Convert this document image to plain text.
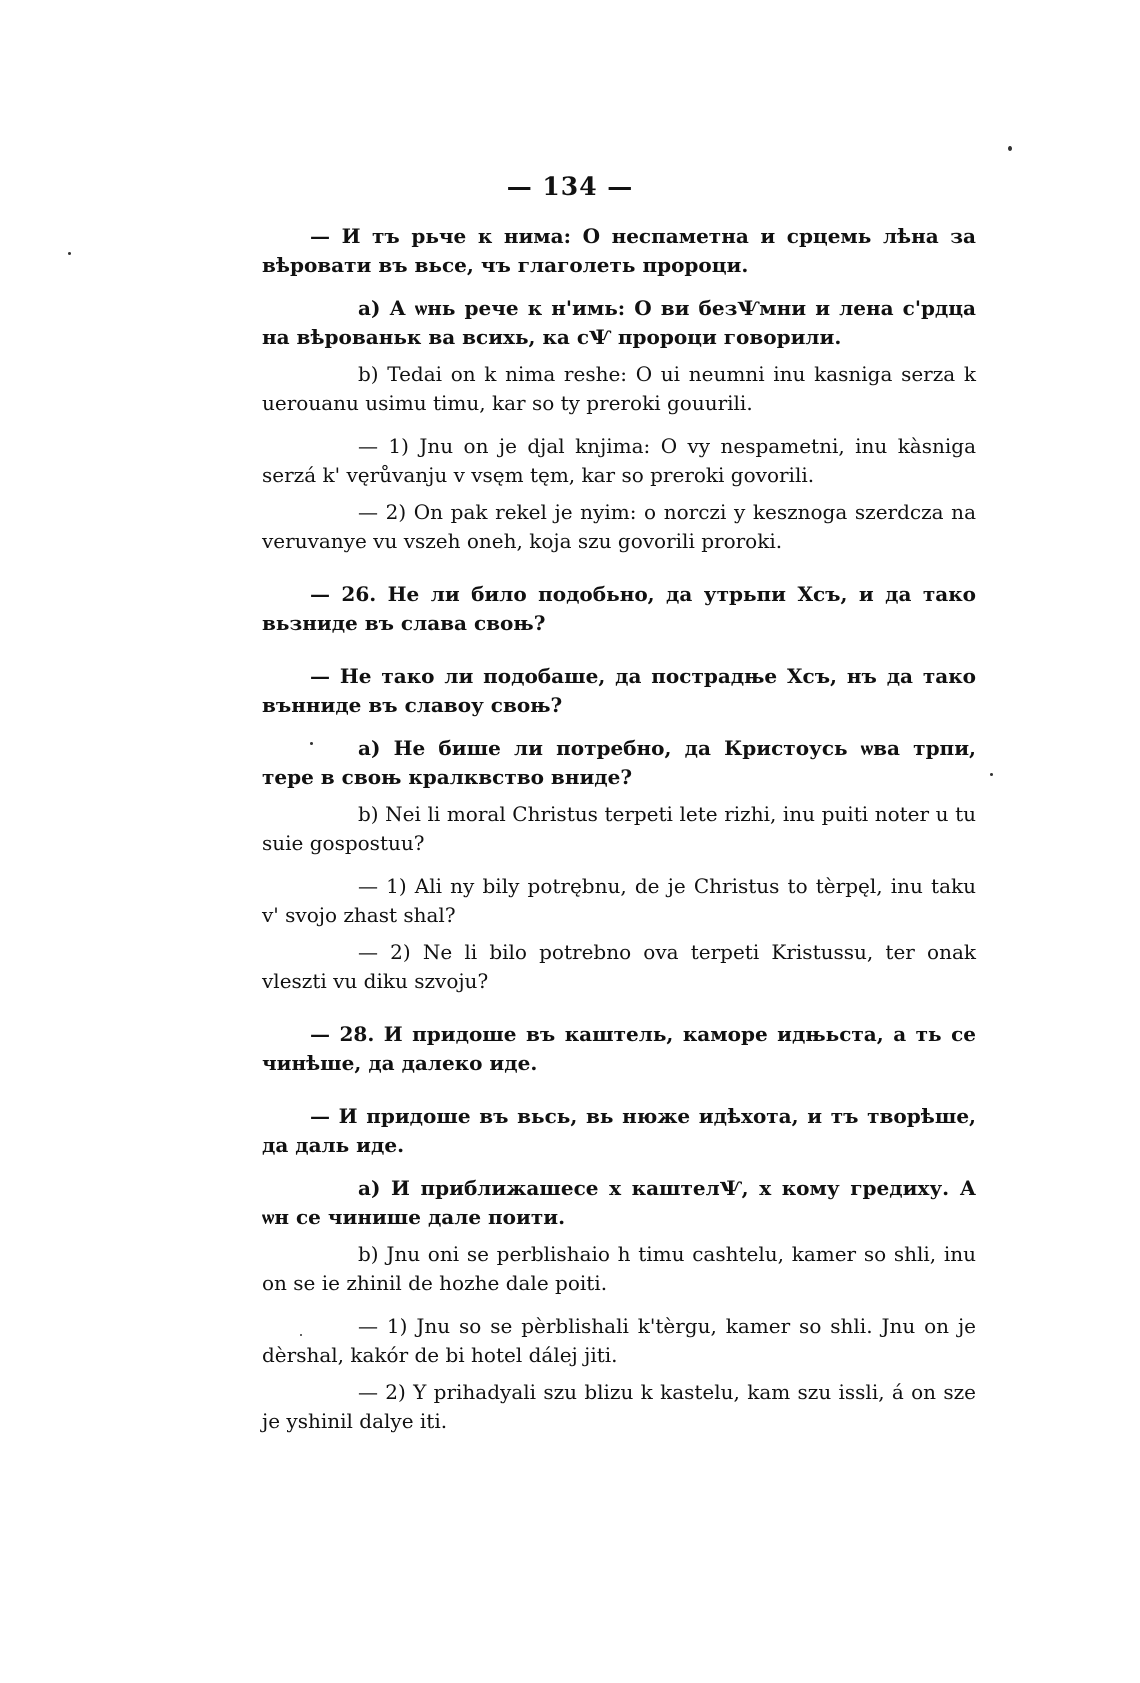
— 134 —

— И тъ рьче к нима: О неспаметна и срцемь лѣна за вѣровати въ вьсе, чъ глаголеть пророци.

a) А ѡнь рече к н'имь: О ви безѰмни и лена с'рдца на вѣрованьк ва всихь, ка сѰ пророци говорили.

b) Tedai on k nima reshe: O ui neumni inu kasniga serza k uerouanu usimu timu, kar so ty preroki gouurili.

— 1) Jnu on je djal knjima: O vy nespametni, inu kàsniga serzá k' vęrůvanju v vsęm tęm, kar so preroki govorili.

— 2) On pak rekel je nyim: o norczi y kesznoga szerdcza na veruvanye vu vszeh oneh, koja szu govorili proroki.

— 26. Не ли било подобьно, да утрьпи Хсъ, и да тако вьзниде въ слава своњ?

— Не тако ли подобаше, да пострадње Хсъ, нъ да тако вънниде въ славоу своњ?

a) Не бише ли потребно, да Кристоусь ѡва трпи, тере в своњ кралквство вниде?

b) Nei li moral Christus terpeti lete rizhi, inu puiti noter u tu suie gospostuu?

— 1) Ali ny bily potrębnu, de je Christus to tèrpęl, inu taku v' svojo zhast shal?

— 2) Ne li bilo potrebno ova terpeti Kristussu, ter onak vleszti vu diku szvoju?

— 28. И придоше въ каштель, каморе идњьста, а ть се чинѣше, да далеко иде.

— И придоше въ вьсь, вь нюже идѣхота, и тъ творѣше, да даль иде.

a) И приближашесе х каштелѰ, х кому гредиху. А ѡн се чинише дале поити.

b) Jnu oni se perblishaio h timu cashtelu, kamer so shli, inu on se ie zhinil de hozhe dale poiti.

— 1) Jnu so se pèrblishali k'tèrgu, kamer so shli. Jnu on je dèrshal, kakór de bi hotel dálej jiti.

— 2) Y prihadyali szu blizu k kastelu, kam szu issli, á on sze je yshinil dalye iti.
